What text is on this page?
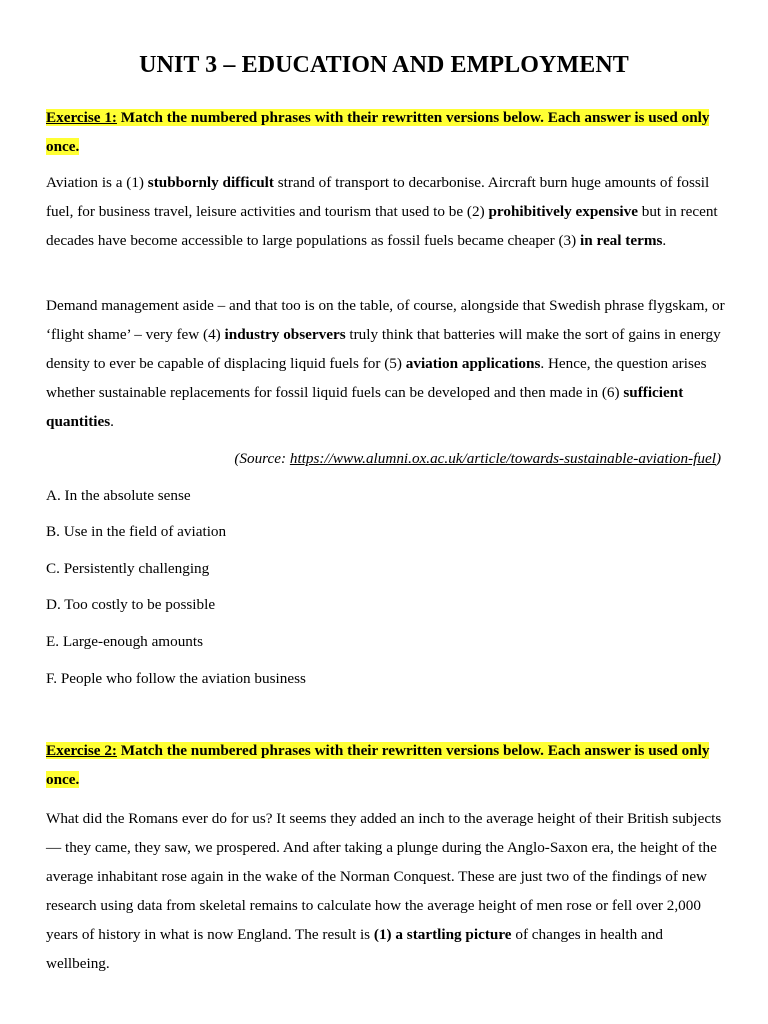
UNIT 3 – EDUCATION AND EMPLOYMENT
Exercise 1: Match the numbered phrases with their rewritten versions below. Each answer is used only once.
Aviation is a (1) stubbornly difficult strand of transport to decarbonise. Aircraft burn huge amounts of fossil fuel, for business travel, leisure activities and tourism that used to be (2) prohibitively expensive but in recent decades have become accessible to large populations as fossil fuels became cheaper (3) in real terms.
Demand management aside – and that too is on the table, of course, alongside that Swedish phrase flygskam, or ‘flight shame’ – very few (4) industry observers truly think that batteries will make the sort of gains in energy density to ever be capable of displacing liquid fuels for (5) aviation applications. Hence, the question arises whether sustainable replacements for fossil liquid fuels can be developed and then made in (6) sufficient quantities.
(Source: https://www.alumni.ox.ac.uk/article/towards-sustainable-aviation-fuel)
A. In the absolute sense
B. Use in the field of aviation
C. Persistently challenging
D. Too costly to be possible
E. Large-enough amounts
F. People who follow the aviation business
Exercise 2: Match the numbered phrases with their rewritten versions below. Each answer is used only once.
What did the Romans ever do for us? It seems they added an inch to the average height of their British subjects — they came, they saw, we prospered. And after taking a plunge during the Anglo-Saxon era, the height of the average inhabitant rose again in the wake of the Norman Conquest. These are just two of the findings of new research using data from skeletal remains to calculate how the average height of men rose or fell over 2,000 years of history in what is now England. The result is (1) a startling picture of changes in health and wellbeing.
